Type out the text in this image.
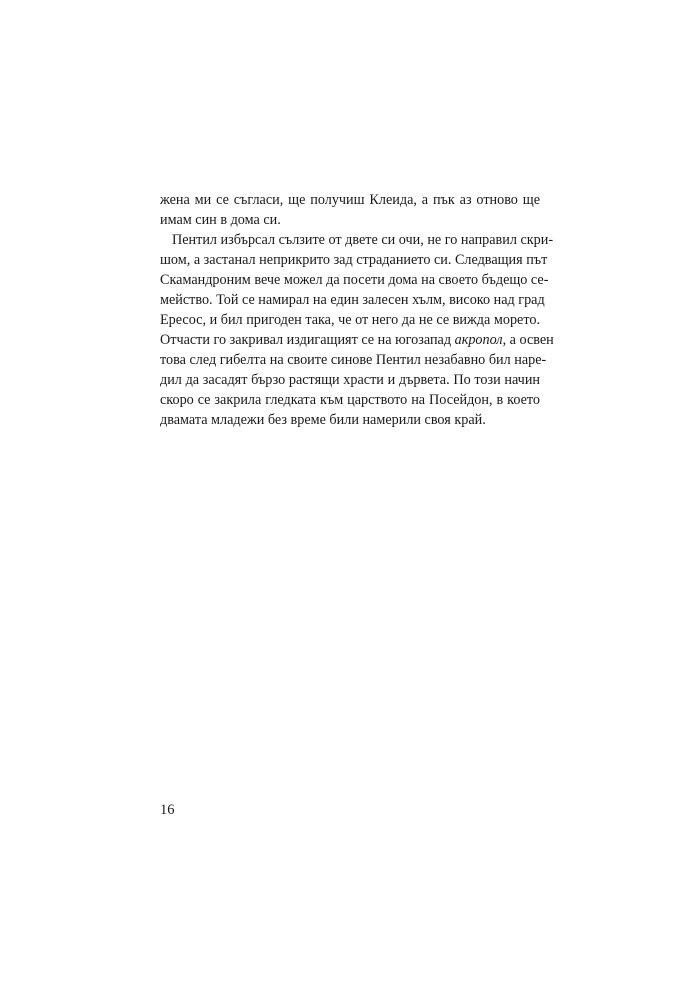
жена ми се съгласи, ще получиш Клеида, а пък аз отново ще
имам син в дома си.
Пентил избърсал сълзите от двете си очи, не го направил скри-
шом, а застанал неприкрито зад страданието си. Следващия път
Скамандроним вече можел да посети дома на своето бъдещо се-
мейство. Той се намирал на един залесен хълм, високо над град
Ересос, и бил пригоден така, че от него да не се вижда морето.
Отчасти го закривал издигащият се на югозапад акропол, а освен
това след гибелта на своите синове Пентил незабавно бил наре-
дил да засадят бързо растящи храсти и дървета. По този начин
скоро се закрила гледката към царството на Посейдон, в което
двамата младежи без време били намерили своя край.
16
